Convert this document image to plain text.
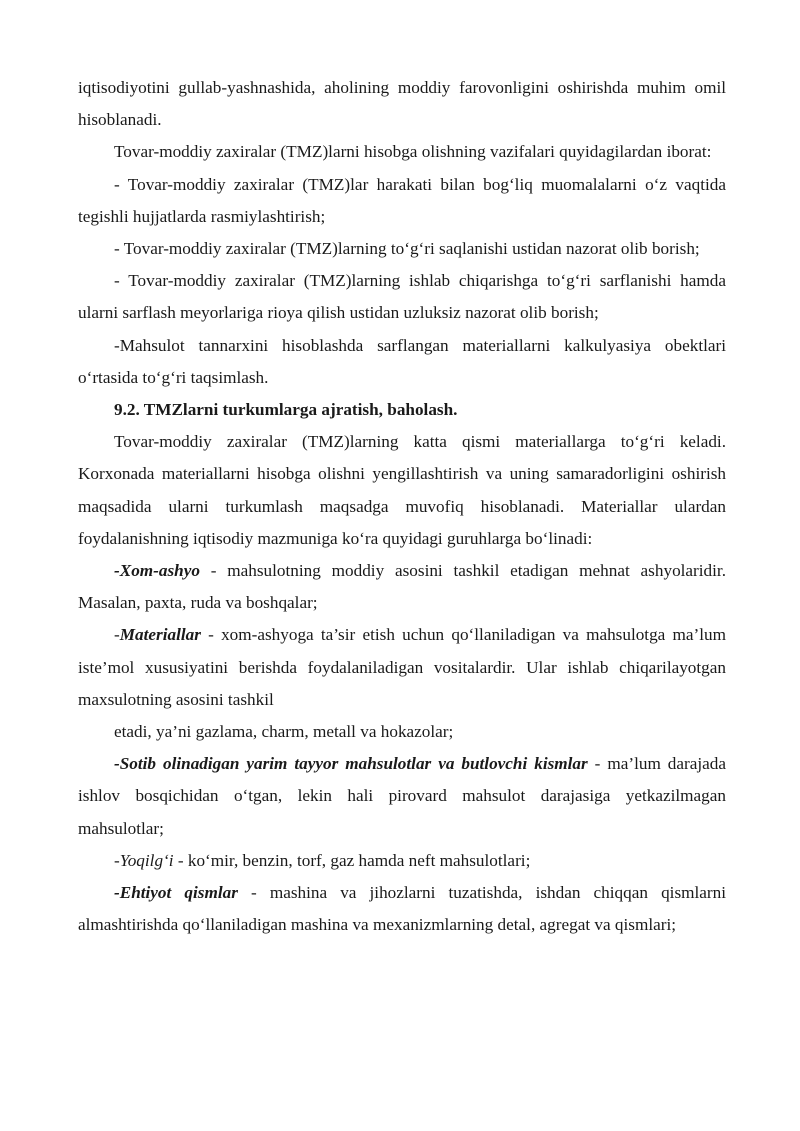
iqtisodiyotini gullab-yashnashida, aholining moddiy farovonligini oshirishda muhim omil hisoblanadi.

Tovar-moddiy zaxiralar (TMZ)larni hisobga olishning vazifalari quyidagilardan iborat:

- Tovar-moddiy zaxiralar (TMZ)lar harakati bilan bog‘liq muomalalarni o‘z vaqtida tegishli hujjatlarda rasmiylashtirish;

- Tovar-moddiy zaxiralar (TMZ)larning to‘g‘ri saqlanishi ustidan nazorat olib borish;

- Tovar-moddiy zaxiralar (TMZ)larning ishlab chiqarishga to‘g‘ri sarflanishi hamda ularni sarflash meyorlariga rioya qilish ustidan uzluksiz nazorat olib borish;

-Mahsulot tannarxini hisoblashda sarflangan materiallarni kalkulyasiya obektlari o‘rtasida to‘g‘ri taqsimlash.

9.2. TMZlarni turkumlarga ajratish, baholash.

Tovar-moddiy zaxiralar (TMZ)larning katta qismi materiallarga to‘g‘ri keladi. Korxonada materiallarni hisobga olishni yengillashtirish va uning samaradorligini oshirish maqsadida ularni turkumlash maqsadga muvofiq hisoblanadi. Materiallar ulardan foydalanishning iqtisodiy mazmuniga ko‘ra quyidagi guruhlarga bo‘linadi:

-Xom-ashyo - mahsulotning moddiy asosini tashkil etadigan mehnat ashyolaridir. Masalan, paxta, ruda va boshqalar;

-Materiallar - xom-ashyoga ta’sir etish uchun qo‘llaniladigan va mahsulotga ma’lum iste’mol xususiyatini berishda foydalaniladigan vositalardir. Ular ishlab chiqarilayotgan maxsulotning asosini tashkil

etadi, ya’ni gazlama, charm, metall va hokazolar;

-Sotib olinadigan yarim tayyor mahsulotlar va butlovchi kismlar - ma’lum darajada ishlov bosqichidan o‘tgan, lekin hali pirovard mahsulot darajasiga yetkazilmagan mahsulotlar;

-Yoqilg‘i - ko‘mir, benzin, torf, gaz hamda neft mahsulotlari;

-Ehtiyot qismlar - mashina va jihozlarni tuzatishda, ishdan chiqqan qismlarni almashtirishda qo‘llaniladigan mashina va mexanizmlarning detal, agregat va qismlari;
